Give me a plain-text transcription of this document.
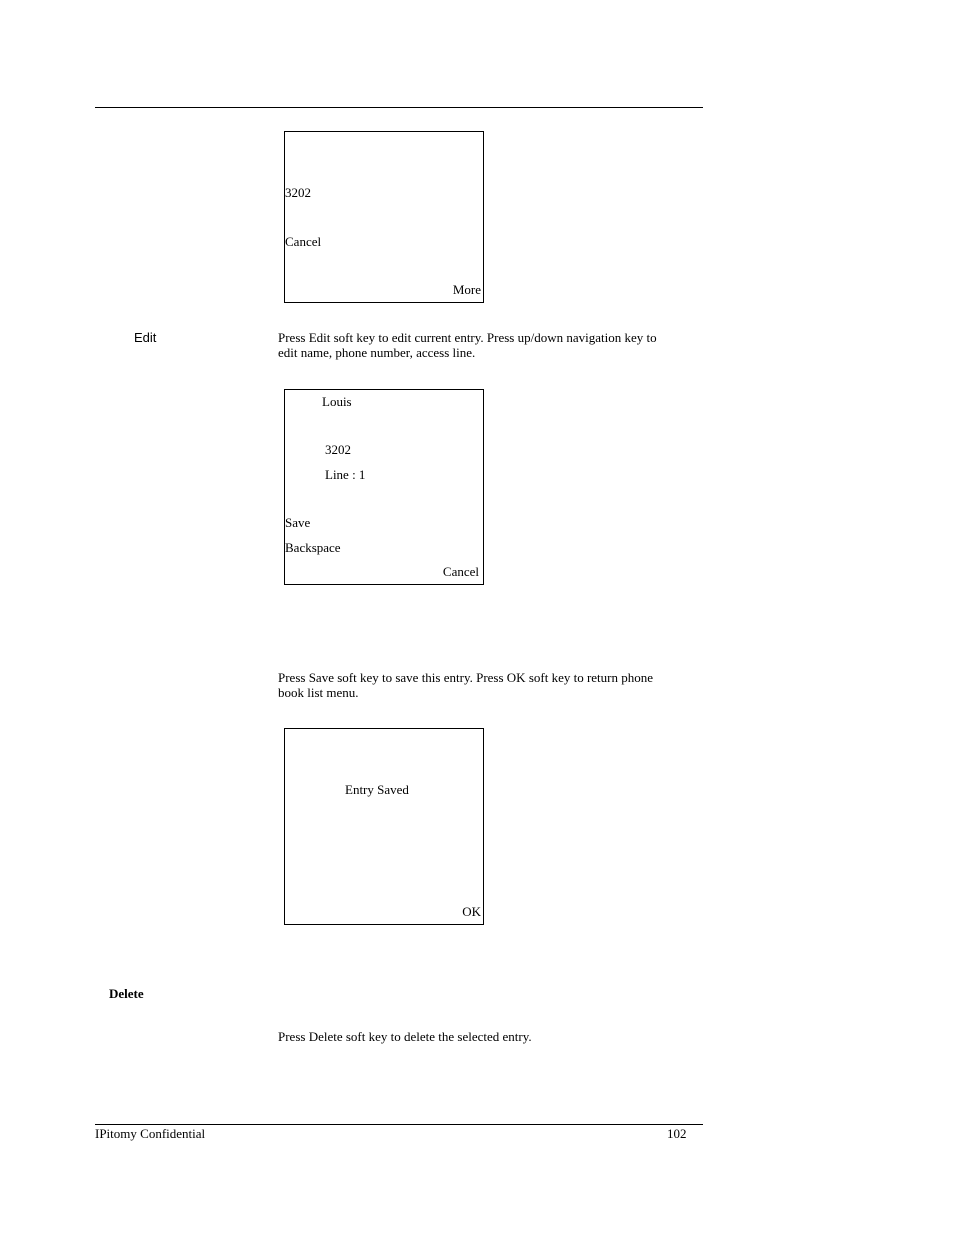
3202
Cancel
More
Edit	Press Edit soft key to edit current entry. Press up/down navigation key to edit name, phone number, access line.
Louis
3202
Line : 1
Save
Backspace
Cancel
Press Save soft key to save this entry. Press OK soft key to return phone book list menu.
Entry Saved
OK
Delete
Press Delete soft key to delete the selected entry.
IPitomy Confidential	102
